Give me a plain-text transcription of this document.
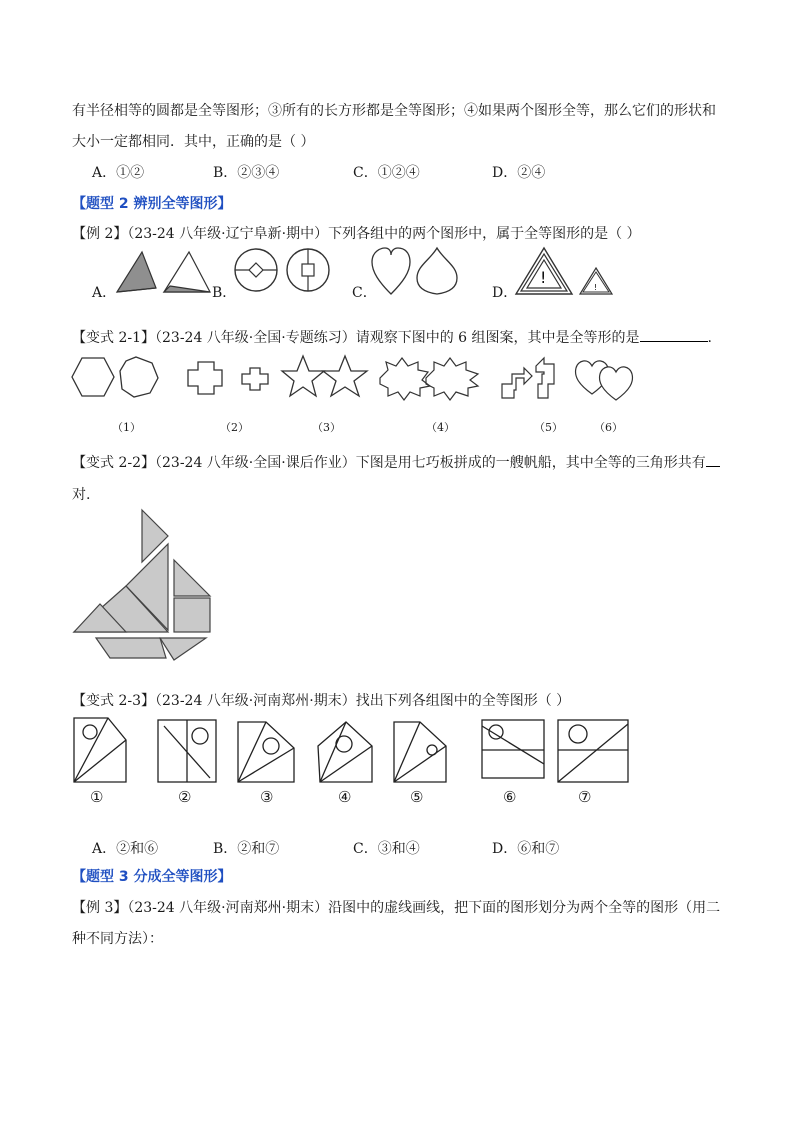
有半径相等的圆都是全等图形；③所有的长方形都是全等图形；④如果两个图形全等，那么它们的形状和
大小一定都相同．其中，正确的是（ ）
A．①②	B．②③④	C．①②④	D．②④
【题型 2 辨别全等图形】
【例 2】（23-24 八年级·辽宁阜新·期中）下列各组中的两个图形中，属于全等图形的是（ ）
A．	B．	C．	D．
!
!
【变式 2-1】（23-24 八年级·全国·专题练习）请观察下图中的 6 组图案，其中是全等形的是	.
（1）	（2）	（3）	（4）	（5）	（6）
【变式 2-2】（23-24 八年级·全国·课后作业）下图是用七巧板拼成的一艘帆船，其中全等的三角形共有
对.
【变式 2-3】（23-24 八年级·河南郑州·期末）找出下列各组图中的全等图形（ ）
①	②	③	④	⑤	⑥	⑦
A．②和⑥	B．②和⑦	C．③和④	D．⑥和⑦
【题型 3 分成全等图形】
【例 3】（23-24 八年级·河南郑州·期末）沿图中的虚线画线，把下面的图形划分为两个全等的图形（用二
种不同方法）：
